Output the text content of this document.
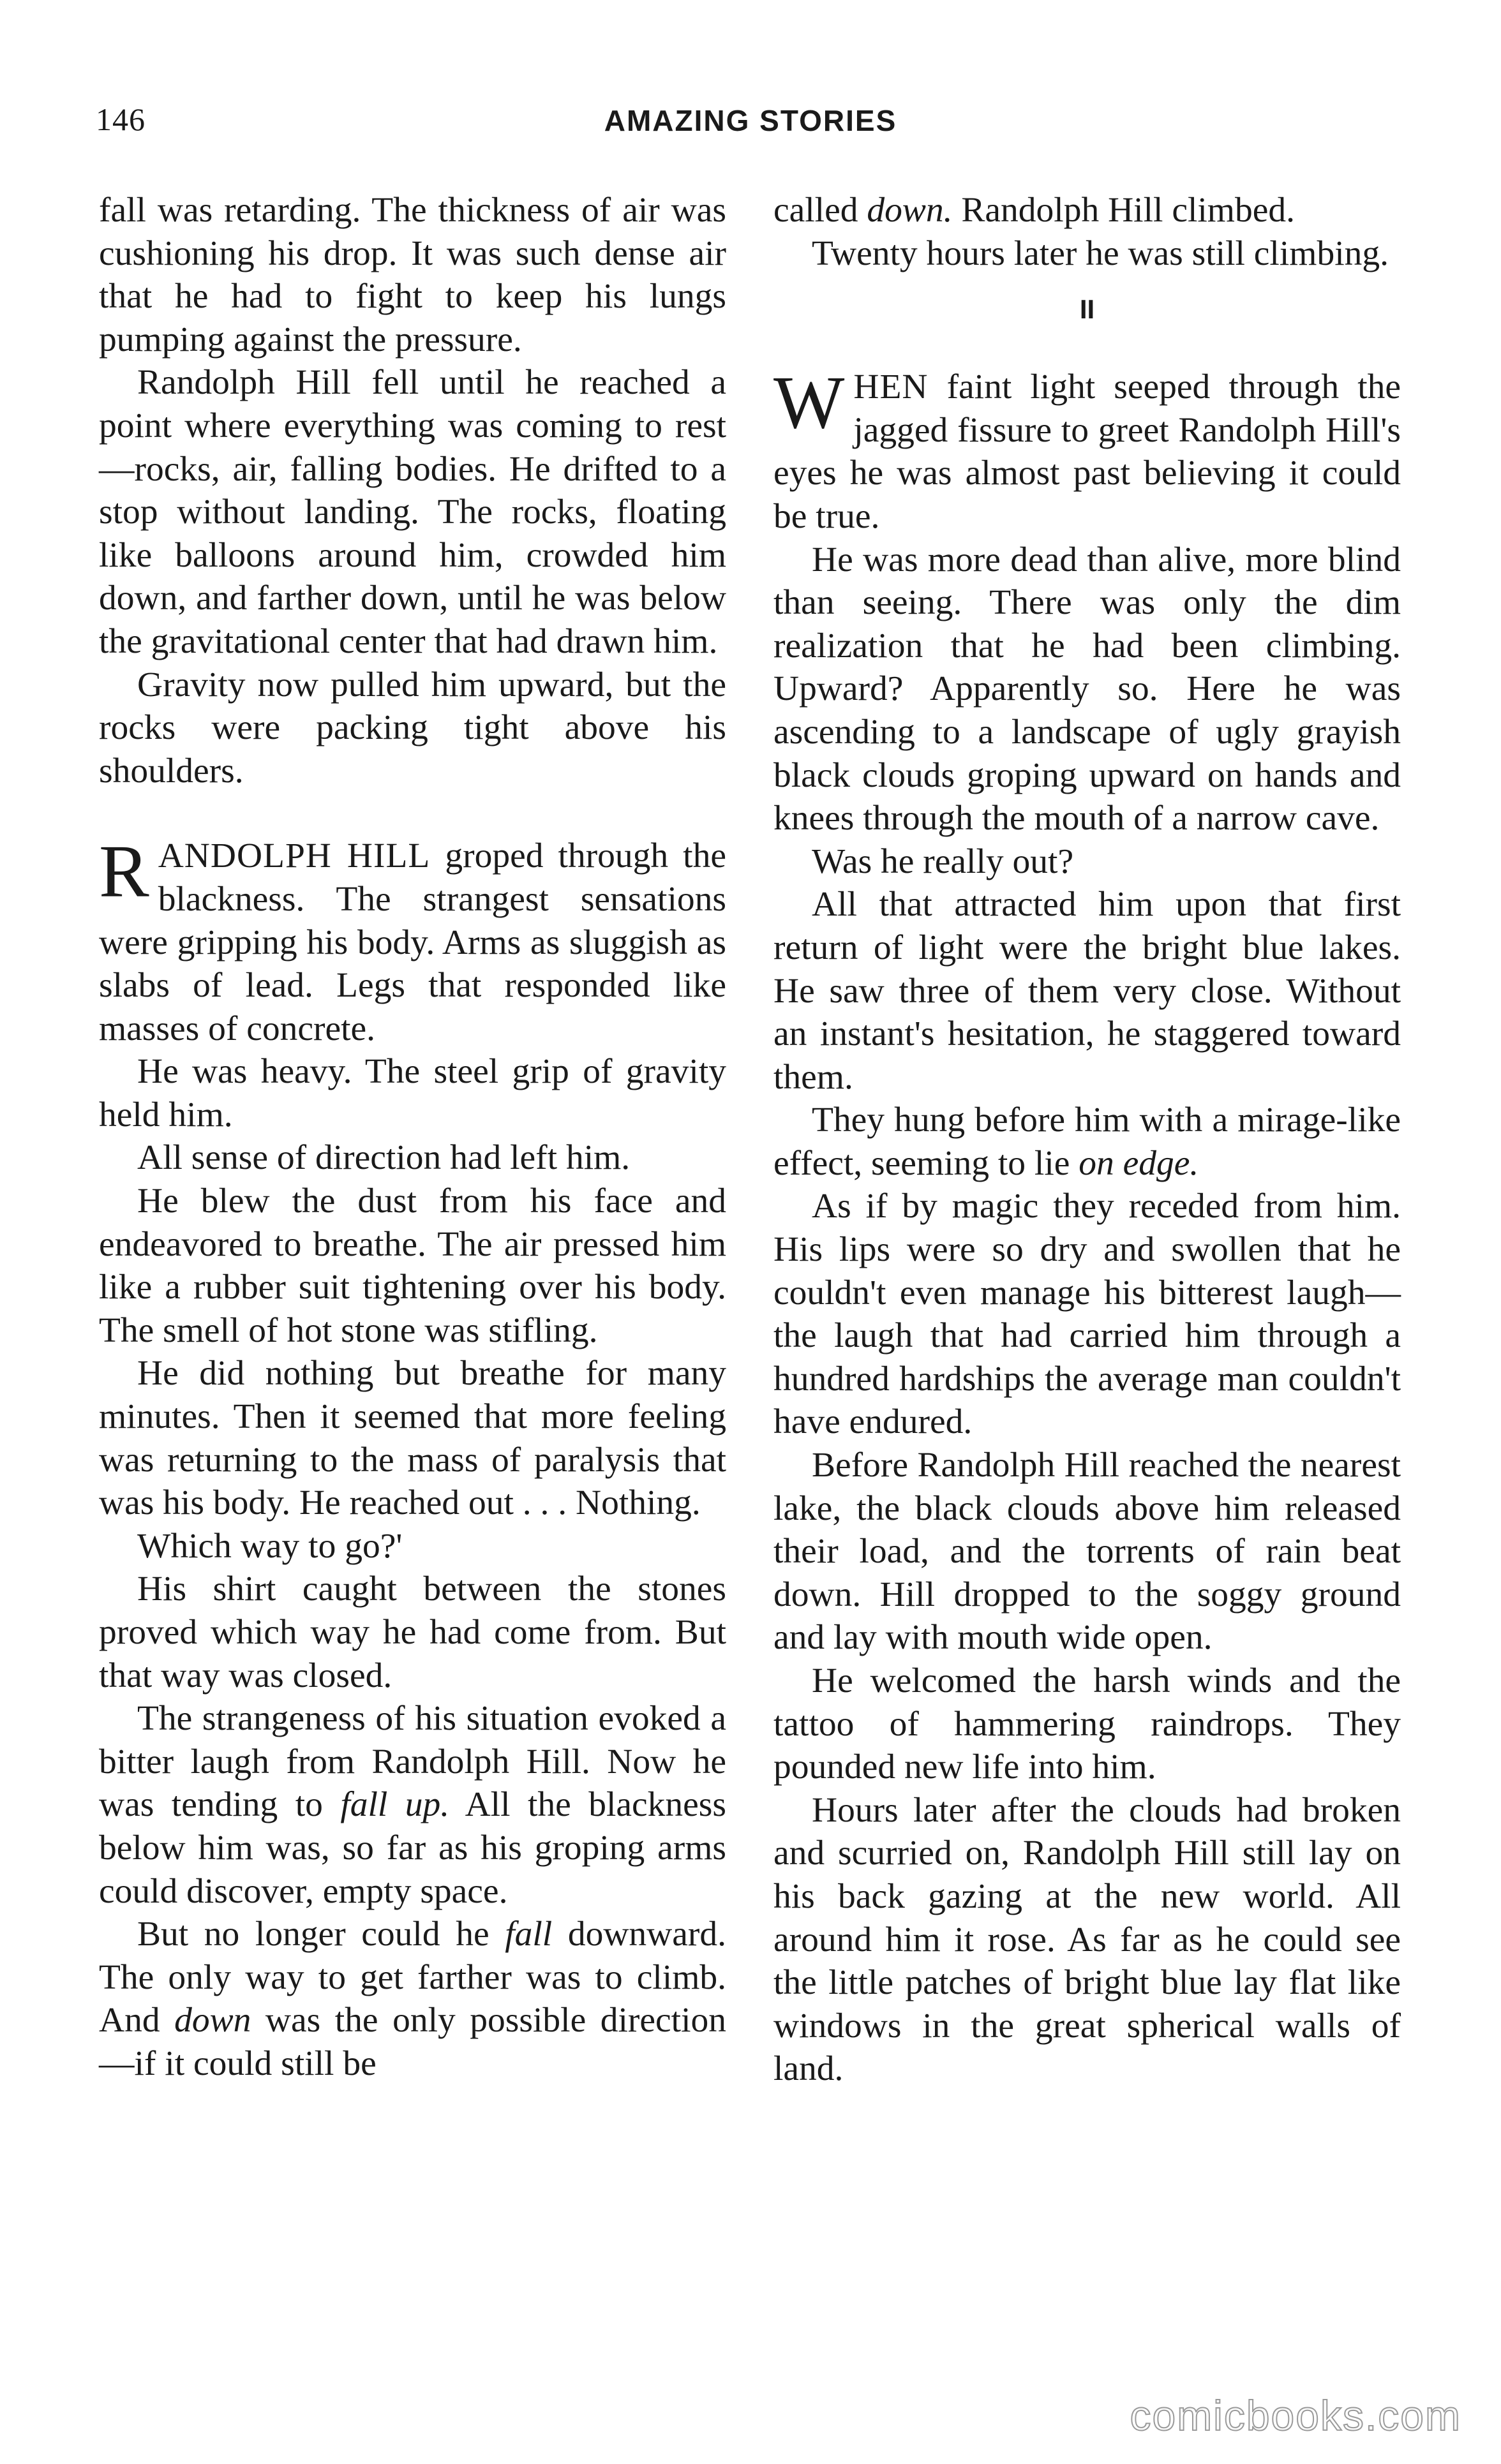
146	AMAZING STORIES

fall was retarding. The thickness of air was cushioning his drop. It was such dense air that he had to fight to keep his lungs pumping against the pressure.

Randolph Hill fell until he reached a point where everything was coming to rest—rocks, air, falling bodies. He drifted to a stop without landing. The rocks, floating like balloons around him, crowded him down, and farther down, until he was below the gravitational center that had drawn him.

Gravity now pulled him upward, but the rocks were packing tight above his shoulders.

RANDOLPH HILL groped through the blackness. The strangest sensations were gripping his body. Arms as sluggish as slabs of lead. Legs that responded like masses of concrete.

He was heavy. The steel grip of gravity held him.

All sense of direction had left him.

He blew the dust from his face and endeavored to breathe. The air pressed him like a rubber suit tightening over his body. The smell of hot stone was stifling.

He did nothing but breathe for many minutes. Then it seemed that more feeling was returning to the mass of paralysis that was his body. He reached out . . . Nothing.

Which way to go?'

His shirt caught between the stones proved which way he had come from. But that way was closed.

The strangeness of his situation evoked a bitter laugh from Randolph Hill. Now he was tending to fall up. All the blackness below him was, so far as his groping arms could discover, empty space.

But no longer could he fall downward. The only way to get farther was to climb. And down was the only possible direction—if it could still be

called down. Randolph Hill climbed.

Twenty hours later he was still climbing.

II

WHEN faint light seeped through the jagged fissure to greet Randolph Hill's eyes he was almost past believing it could be true.

He was more dead than alive, more blind than seeing. There was only the dim realization that he had been climbing. Upward? Apparently so. Here he was ascending to a landscape of ugly grayish black clouds groping upward on hands and knees through the mouth of a narrow cave.

Was he really out?

All that attracted him upon that first return of light were the bright blue lakes. He saw three of them very close. Without an instant's hesitation, he staggered toward them.

They hung before him with a mirage-like effect, seeming to lie on edge.

As if by magic they receded from him. His lips were so dry and swollen that he couldn't even manage his bitterest laugh—the laugh that had carried him through a hundred hardships the average man couldn't have endured.

Before Randolph Hill reached the nearest lake, the black clouds above him released their load, and the torrents of rain beat down. Hill dropped to the soggy ground and lay with mouth wide open.

He welcomed the harsh winds and the tattoo of hammering raindrops. They pounded new life into him.

Hours later after the clouds had broken and scurried on, Randolph Hill still lay on his back gazing at the new world. All around him it rose. As far as he could see the little patches of bright blue lay flat like windows in the great spherical walls of land.

comicbooks.com
